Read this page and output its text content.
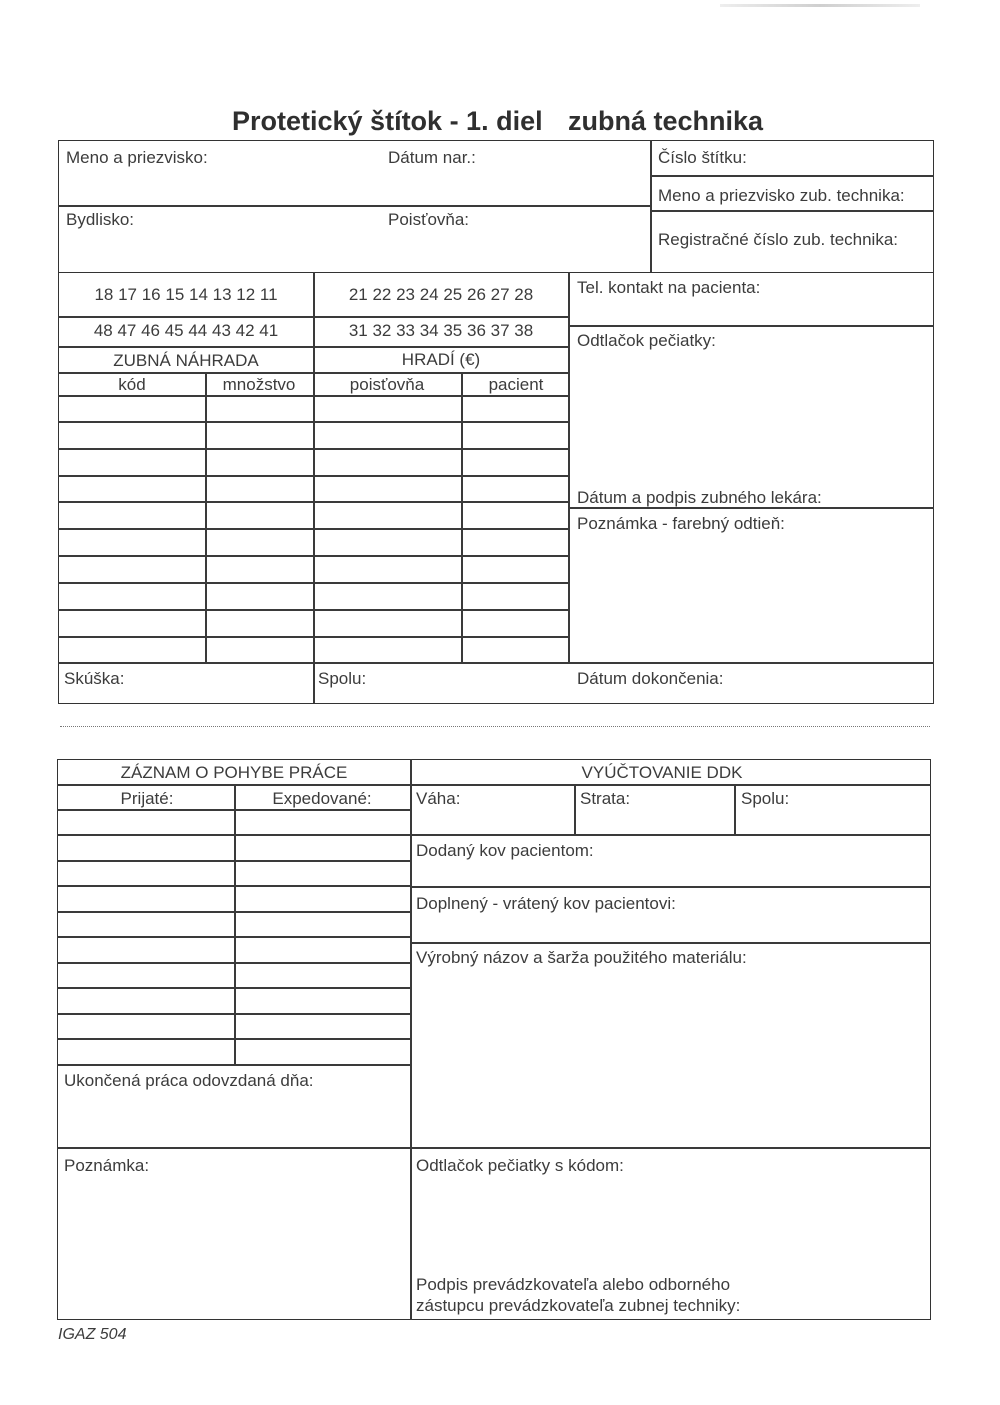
Protetický štítok - 1. diel zubná technika
Meno a priezvisko:	Dátum nar.:	Číslo štítku:
Meno a priezvisko zub. technika:
Bydlisko:	Poisťovňa:
Registračné číslo zub. technika:
18 17 16 15 14 13 12 11	21 22 23 24 25 26 27 28
48 47 46 45 44 43 42 41	31 32 33 34 35 36 37 38
ZUBNÁ NÁHRADA	HRADÍ (€)
kód	množstvo	poisťovňa	pacient
Tel. kontakt na pacienta:
Odtlačok pečiatky:
Dátum a podpis zubného lekára:
Poznámka - farebný odtieň:
Skúška:	Spolu:	Dátum dokončenia:
ZÁZNAM O POHYBE PRÁCE	VYÚČTOVANIE DDK
Prijaté:	Expedované:	Váha:	Strata:	Spolu:
Dodaný kov pacientom:
Doplnený - vrátený kov pacientovi:
Výrobný názov a šarža použitého materiálu:
Ukončená práca odovzdaná dňa:
Poznámka:	Odtlačok pečiatky s kódom:
Podpis prevádzkovateľa alebo odborného
zástupcu prevádzkovateľa zubnej techniky:
IGAZ 504
